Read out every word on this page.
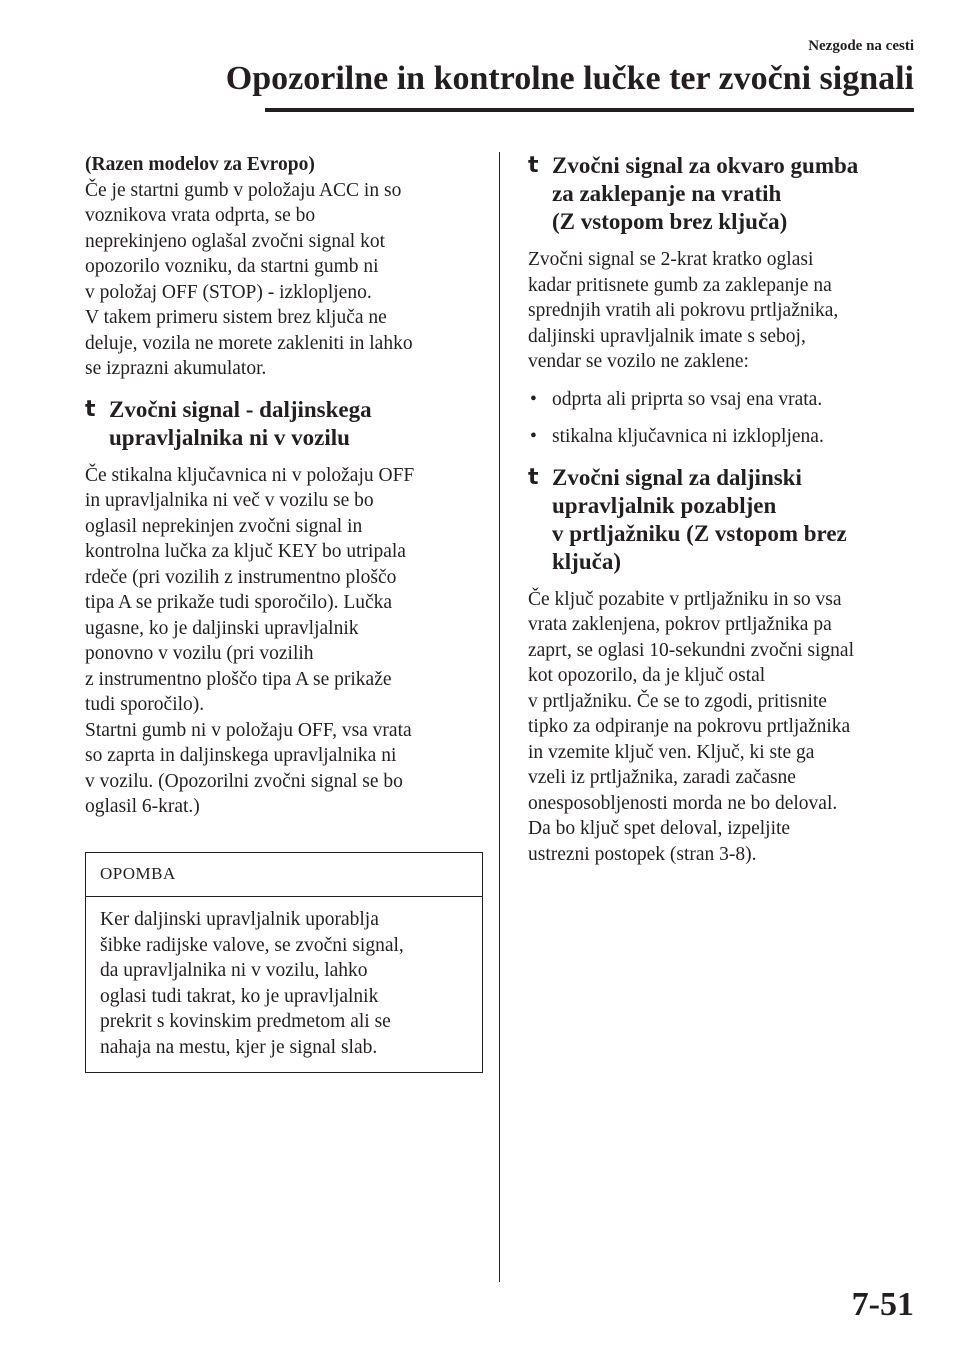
Nezgode na cesti
Opozorilne in kontrolne lučke ter zvočni signali

(Razen modelov za Evropo)

Če je startni gumb v položaju ACC in so
voznikova vrata odprta, se bo
neprekinjeno oglašal zvočni signal kot
opozorilo vozniku, da startni gumb ni
v položaj OFF (STOP) - izklopljeno.
V takem primeru sistem brez ključa ne
deluje, vozila ne morete zakleniti in lahko
se izprazni akumulator.

t Zvočni signal - daljinskega
upravljalnika ni v vozilu

Če stikalna ključavnica ni v položaju OFF
in upravljalnika ni več v vozilu se bo
oglasil neprekinjen zvočni signal in
kontrolna lučka za ključ KEY bo utripala
rdeče (pri vozilih z instrumentno ploščo
tipa A se prikaže tudi sporočilo). Lučka
ugasne, ko je daljinski upravljalnik
ponovno v vozilu (pri vozilih
z instrumentno ploščo tipa A se prikaže
tudi sporočilo).
Startni gumb ni v položaju OFF, vsa vrata
so zaprta in daljinskega upravljalnika ni
v vozilu. (Opozorilni zvočni signal se bo
oglasil 6-krat.)

OPOMBA
Ker daljinski upravljalnik uporablja
šibke radijske valove, se zvočni signal,
da upravljalnika ni v vozilu, lahko
oglasi tudi takrat, ko je upravljalnik
prekrit s kovinskim predmetom ali se
nahaja na mestu, kjer je signal slab.
t Zvočni signal za okvaro gumba
za zaklepanje na vratih
(Z vstopom brez ključa)

Zvočni signal se 2-krat kratko oglasi
kadar pritisnete gumb za zaklepanje na
sprednjih vratih ali pokrovu prtljažnika,
daljinski upravljalnik imate s seboj,
vendar se vozilo ne zaklene:

• odprta ali priprta so vsaj ena vrata.
• stikalna ključavnica ni izklopljena.
t Zvočni signal za daljinski
upravljalnik pozabljen
v prtljažniku (Z vstopom brez
ključa)

Če ključ pozabite v prtljažniku in so vsa
vrata zaklenjena, pokrov prtljažnika pa
zaprt, se oglasi 10-sekundni zvočni signal
kot opozorilo, da je ključ ostal
v prtljažniku. Če se to zgodi, pritisnite
tipko za odpiranje na pokrovu prtljažnika
in vzemite ključ ven. Ključ, ki ste ga
vzeli iz prtljažnika, zaradi začasne
onesposobljenosti morda ne bo deloval.
Da bo ključ spet deloval, izpeljite
ustrezni postopek (stran 3-8).

7-51
